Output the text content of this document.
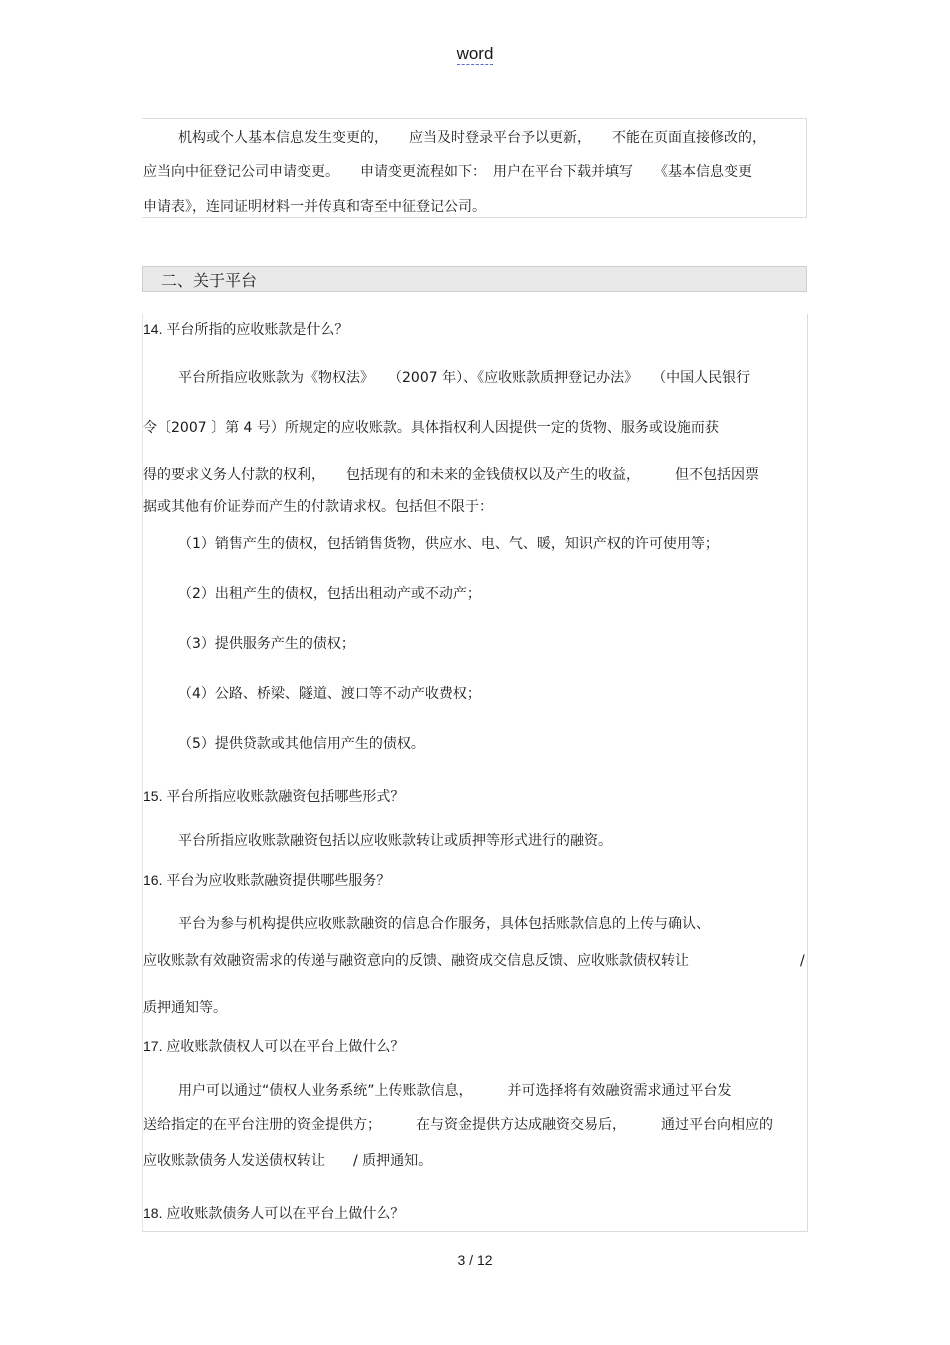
word
机构或个人基本信息发生变更的，　　应当及时登录平台予以更新，　　不能在页面直接修改的，
应当向中征登记公司申请变更。　　申请变更流程如下：　用户在平台下载并填写　　《基本信息变更
申请表》，连同证明材料一并传真和寄至中征登记公司。
二、关于平台
14. 平台所指的应收账款是什么？
平台所指应收账款为《物权法》　　（2007 年）、《应收账款质押登记办法》　　（中国人民银行
令〔2007 〕第 4 号）所规定的应收账款。具体指权利人因提供一定的货物、服务或设施而获
得的要求义务人付款的权利，　　包括现有的和未来的金钱债权以及产生的收益，　　　但不包括因票
据或其他有价证券而产生的付款请求权。包括但不限于：
（1）销售产生的债权，包括销售货物，供应水、电、气、暖，知识产权的许可使用等；
（2）出租产生的债权，包括出租动产或不动产；
（3）提供服务产生的债权；
（4）公路、桥梁、隧道、渡口等不动产收费权；
（5）提供贷款或其他信用产生的债权。
15. 平台所指应收账款融资包括哪些形式？
平台所指应收账款融资包括以应收账款转让或质押等形式进行的融资。
16. 平台为应收账款融资提供哪些服务？
平台为参与机构提供应收账款融资的信息合作服务，具体包括账款信息的上传与确认、
应收账款有效融资需求的传递与融资意向的反馈、融资成交信息反馈、应收账款债权转让	/
质押通知等。
17. 应收账款债权人可以在平台上做什么？
用户可以通过“债权人业务系统”上传账款信息，　　　并可选择将有效融资需求通过平台发
送给指定的在平台注册的资金提供方；　　　在与资金提供方达成融资交易后，　　　通过平台向相应的
应收账款债务人发送债权转让　　/ 质押通知。
18. 应收账款债务人可以在平台上做什么？
3 / 12
